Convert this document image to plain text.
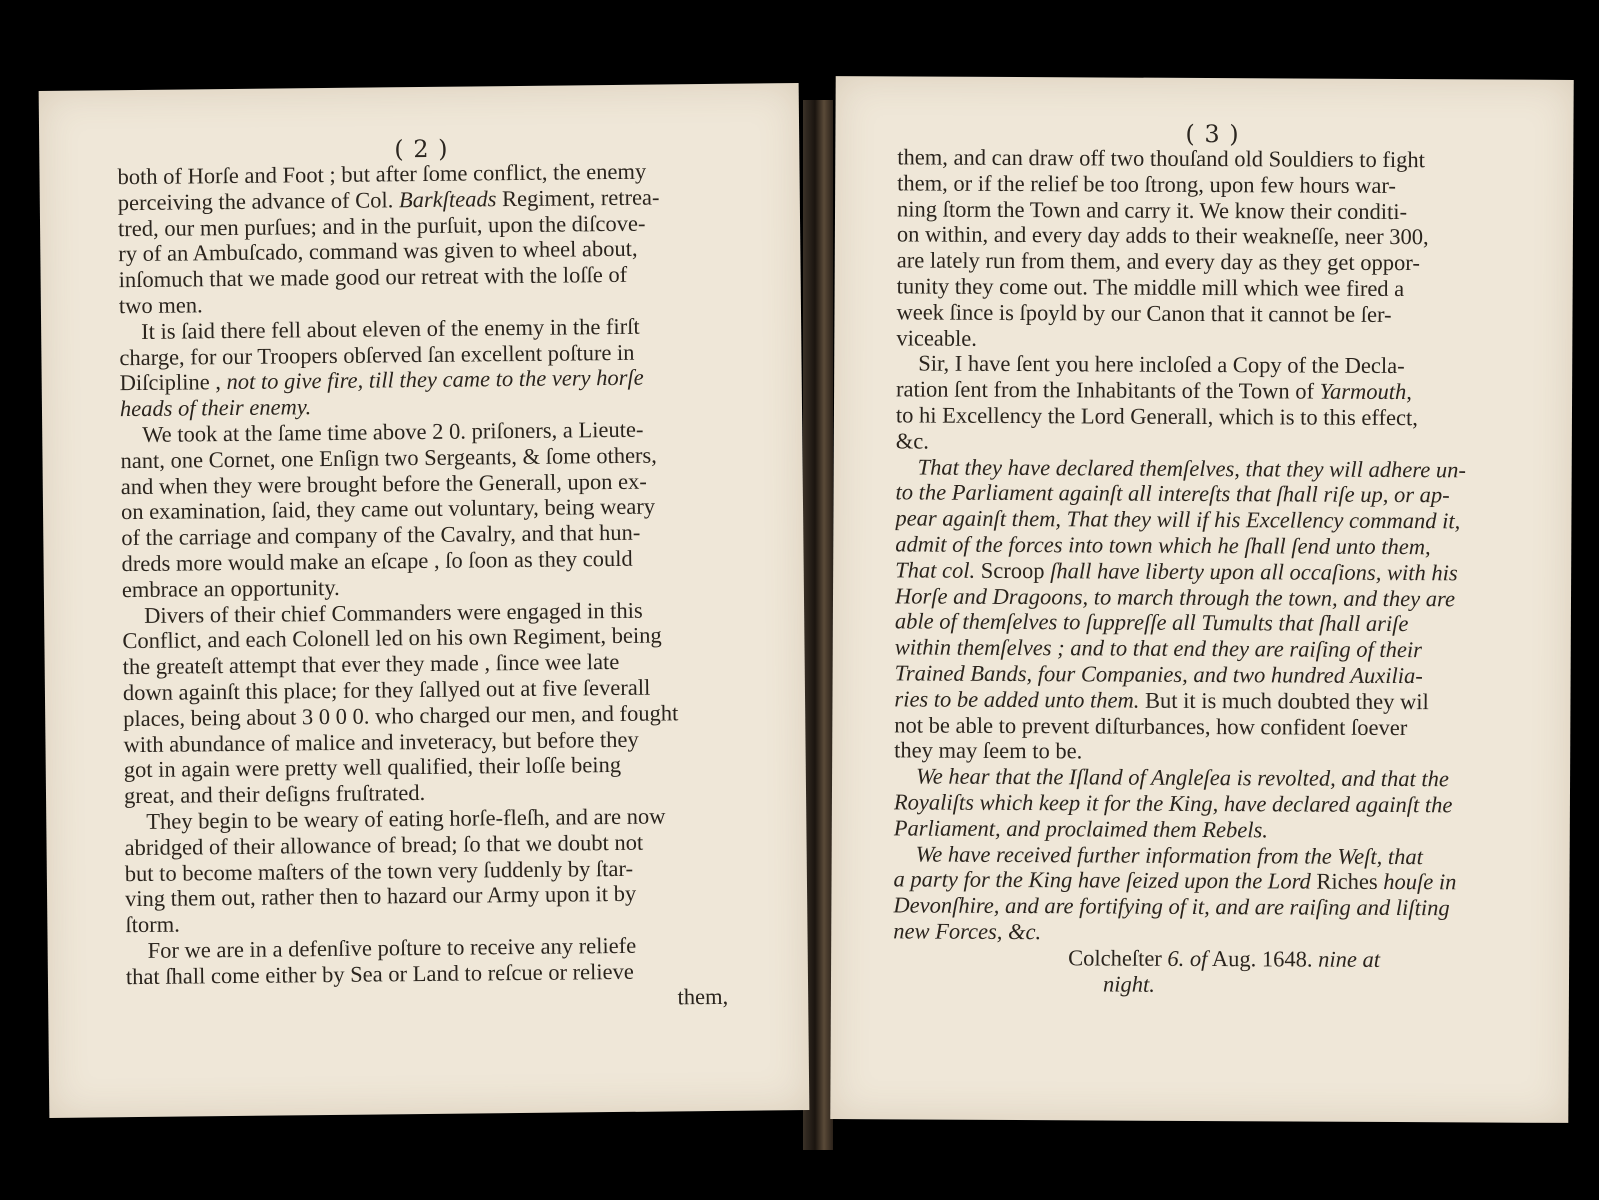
( 2 )
both of Horſe and Foot ; but after ſome conflict, the enemy
perceiving the advance of Col. Barkſteads Regiment, retrea-
tred, our men purſues; and in the purſuit, upon the diſcove-
ry of an Ambuſcado, command was given to wheel about,
inſomuch that we made good our retreat with the loſſe of
two men.
It is ſaid there fell about eleven of the enemy in the firſt
charge, for our Troopers obſerved ſan excellent poſture in
Diſcipline , not to give fire, till they came to the very horſe
heads of their enemy.
We took at the ſame time above 2 0. priſoners, a Lieute-
nant, one Cornet, one Enſign two Sergeants, & ſome others,
and when they were brought before the Generall, upon ex-
on examination, ſaid, they came out voluntary, being weary
of the carriage and company of the Cavalry, and that hun-
dreds more would make an eſcape , ſo ſoon as they could
embrace an opportunity.
Divers of their chief Commanders were engaged in this
Conflict, and each Colonell led on his own Regiment, being
the greateſt attempt that ever they made , ſince wee late
down againſt this place; for they ſallyed out at five ſeverall
places, being about 3 0 0 0. who charged our men, and fought
with abundance of malice and inveteracy, but before they
got in again were pretty well qualified, their loſſe being
great, and their deſigns fruſtrated.
They begin to be weary of eating horſe-fleſh, and are now
abridged of their allowance of bread; ſo that we doubt not
but to become maſters of the town very ſuddenly by ſtar-
ving them out, rather then to hazard our Army upon it by
ſtorm.
For we are in a defenſive poſture to receive any reliefe
that ſhall come either by Sea or Land to reſcue or relieve
them,
( 3 )
them, and can draw off two thouſand old Souldiers to fight
them, or if the relief be too ſtrong, upon few hours war-
ning ſtorm the Town and carry it. We know their conditi-
on within, and every day adds to their weakneſſe, neer 300,
are lately run from them, and every day as they get oppor-
tunity they come out. The middle mill which wee fired a
week ſince is ſpoyld by our Canon that it cannot be ſer-
viceable.
Sir, I have ſent you here incloſed a Copy of the Decla-
ration ſent from the Inhabitants of the Town of Yarmouth,
to hi Excellency the Lord Generall, which is to this effect,
&c.
That they have declared themſelves, that they will adhere un-
to the Parliament againſt all intereſts that ſhall riſe up, or ap-
pear againſt them, That they will if his Excellency command it,
admit of the forces into town which he ſhall ſend unto them,
That col. Scroop ſhall have liberty upon all occaſions, with his
Horſe and Dragoons, to march through the town, and they are
able of themſelves to ſuppreſſe all Tumults that ſhall ariſe
within themſelves ; and to that end they are raiſing of their
Trained Bands, four Companies, and two hundred Auxilia-
ries to be added unto them. But it is much doubted they wil
not be able to prevent diſturbances, how confident ſoever
they may ſeem to be.
We hear that the Iſland of Angleſea is revolted, and that the
Royaliſts which keep it for the King, have declared againſt the
Parliament, and proclaimed them Rebels.
We have received further information from the Weſt, that
a party for the King have ſeized upon the Lord Riches houſe in
Devonſhire, and are fortifying of it, and are raiſing and liſting
new Forces, &c.
Colcheſter 6. of Aug. 1648. nine at
night.
